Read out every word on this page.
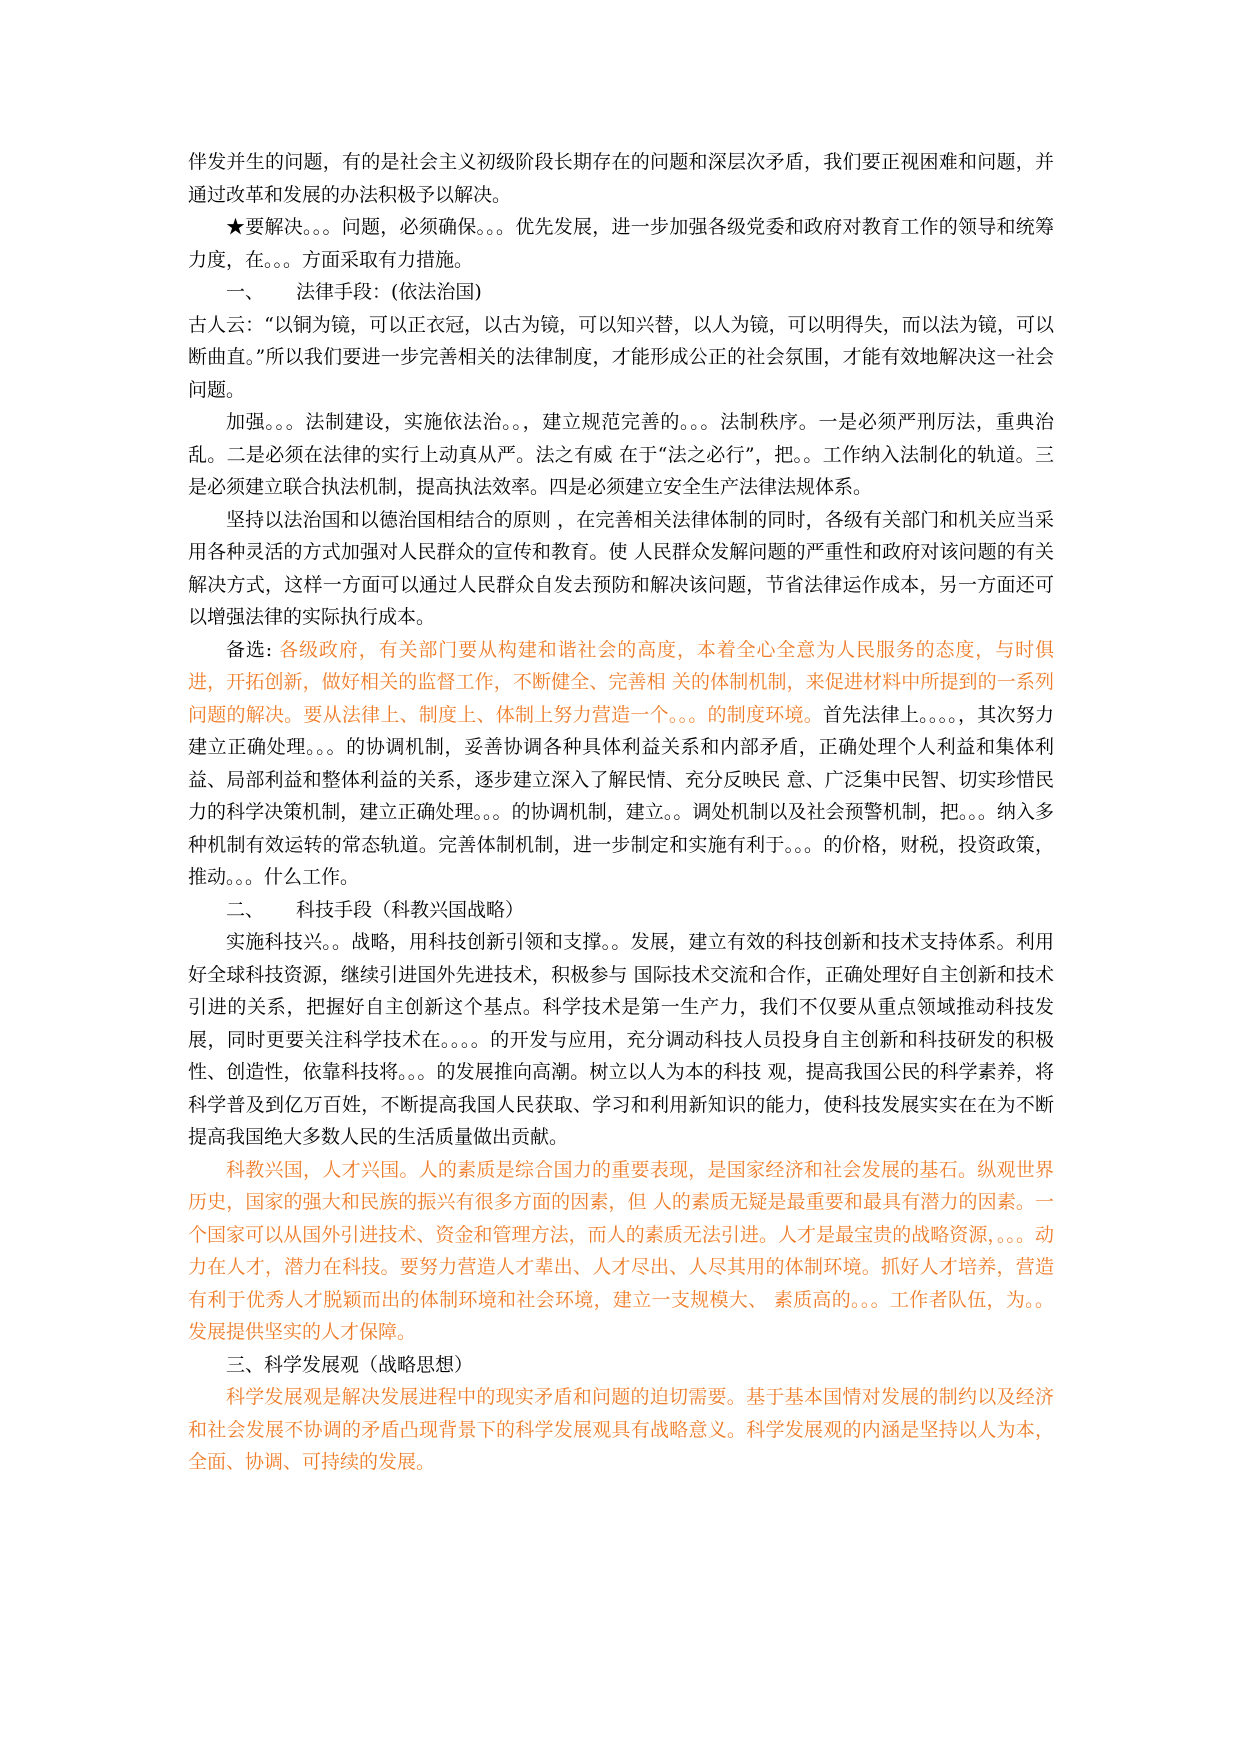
伴发并生的问题，有的是社会主义初级阶段长期存在的问题和深层次矛盾，我们要正视困难和问题，并通过改革和发展的办法积极予以解决。

★要解决。。。问题，必须确保。。。优先发展，进一步加强各级党委和政府对教育工作的领导和统筹力度，在。。。方面采取有力措施。

一、 法律手段：(依法治国)

古人云：“以铜为镜，可以正衣冠，以古为镜，可以知兴替，以人为镜，可以明得失，而以法为镜，可以断曲直。”所以我们要进一步完善相关的法律制度，才能形成公正的社会氛围，才能有效地解决这一社会问题。

加强。。。法制建设，实施依法治。。，建立规范完善的。。。法制秩序。一是必须严刑厉法，重典治乱。二是必须在法律的实行上动真从严。法之有威 在于“法之必行”，把。。工作纳入法制化的轨道。三是必须建立联合执法机制，提高执法效率。四是必须建立安全生产法律法规体系。

坚持以法治国和以德治国相结合的原则 ，在完善相关法律体制的同时，各级有关部门和机关应当采用各种灵活的方式加强对人民群众的宣传和教育。使 人民群众发解问题的严重性和政府对该问题的有关解决方式，这样一方面可以通过人民群众自发去预防和解决该问题，节省法律运作成本，另一方面还可以增强法律的实际执行成本。

备选: 各级政府，有关部门要从构建和谐社会的高度，本着全心全意为人民服务的态度，与时俱进，开拓创新，做好相关的监督工作，不断健全、完善相 关的体制机制，来促进材料中所提到的一系列问题的解决。要从法律上、制度上、体制上努力营造一个。。。的制度环境。首先法律上。。。。，其次努力建立正确处理。。。的协调机制，妥善协调各种具体利益关系和内部矛盾，正确处理个人利益和集体利益、局部利益和整体利益的关系，逐步建立深入了解民情、充分反映民 意、广泛集中民智、切实珍惜民力的科学决策机制，建立正确处理。。。的协调机制，建立。。调处机制以及社会预警机制，把。。。纳入多种机制有效运转的常态轨道。完善体制机制，进一步制定和实施有利于。。。的价格，财税，投资政策，推动。。。什么工作。

二、 科技手段（科教兴国战略）

实施科技兴。。战略，用科技创新引领和支撑。。发展，建立有效的科技创新和技术支持体系。利用好全球科技资源，继续引进国外先进技术，积极参与 国际技术交流和合作，正确处理好自主创新和技术引进的关系，把握好自主创新这个基点。科学技术是第一生产力，我们不仅要从重点领域推动科技发展，同时更要关注科学技术在。。。。的开发与应用，充分调动科技人员投身自主创新和科技研发的积极性、创造性，依靠科技将。。。的发展推向高潮。树立以人为本的科技 观，提高我国公民的科学素养，将科学普及到亿万百姓，不断提高我国人民获取、学习和利用新知识的能力，使科技发展实实在在为不断提高我国绝大多数人民的生活质量做出贡献。

科教兴国，人才兴国。人的素质是综合国力的重要表现，是国家经济和社会发展的基石。纵观世界历史，国家的强大和民族的振兴有很多方面的因素，但 人的素质无疑是最重要和最具有潜力的因素。一个国家可以从国外引进技术、资金和管理方法，而人的素质无法引进。人才是最宝贵的战略资源，。。。动力在人才，潜力在科技。要努力营造人才辈出、人才尽出、人尽其用的体制环境。抓好人才培养，营造有利于优秀人才脱颖而出的体制环境和社会环境，建立一支规模大、 素质高的。。。工作者队伍，为。。发展提供坚实的人才保障。

三、科学发展观（战略思想）

科学发展观是解决发展进程中的现实矛盾和问题的迫切需要。基于基本国情对发展的制约以及经济和社会发展不协调的矛盾凸现背景下的科学发展观具有战略意义。科学发展观的内涵是坚持以人为本，全面、协调、可持续的发展。
